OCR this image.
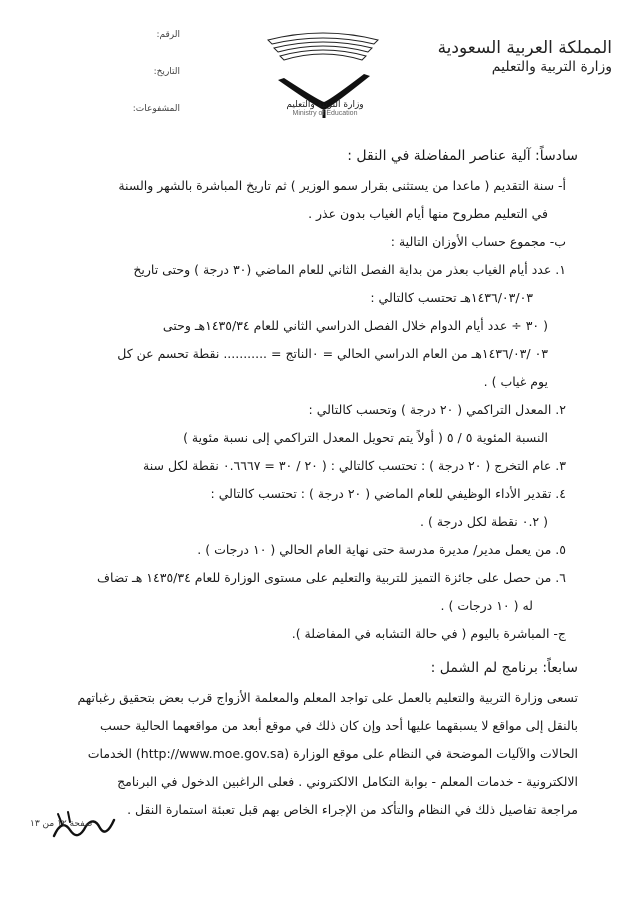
المملكة العربية السعودية
وزارة التربية والتعليم
الرقم:
التاريخ:
المشفوعات:	وزارة التربية والتعليم
Ministry of Education
سادساً: آلية عناصر المفاضلة في النقل :
أ- سنة التقديم ( ماعدا من يستثنى بقرار سمو الوزير ) ثم تاريخ المباشرة بالشهر والسنة
في التعليم مطروح منها أيام الغياب بدون عذر .
ب- مجموع حساب الأوزان التالية :
١. عدد أيام الغياب بعذر من بداية الفصل الثاني للعام الماضي (٣٠ درجة ) وحتى تاريخ
١٤٣٦/٠٣/٠٣هـ تحتسب كالتالي :
( ٣٠ ÷ عدد أيام الدوام خلال الفصل الدراسي الثاني للعام ١٤٣٥/٣٤هـ وحتى
٠٣ /١٤٣٦/٠٣هـ من العام الدراسي الحالي = ٠الناتج = ........... نقطة تحسم عن كل
يوم غياب ) .
٢. المعدل التراكمي ( ٢٠ درجة ) وتحسب كالتالي :
النسبة المئوية ٥ / ٥ ( أولاً يتم تحويل المعدل التراكمي إلى نسبة مئوية )
٣. عام التخرج ( ٢٠ درجة ) : تحتسب كالتالي : ( ٢٠ / ٣٠ = ٠.٦٦٦٧ نقطة لكل سنة
٤. تقدير الأداء الوظيفي للعام الماضي ( ٢٠ درجة ) : تحتسب كالتالي :
( ٠.٢ نقطة لكل درجة ) .
٥. من يعمل مدير/ مديرة مدرسة حتى نهاية العام الحالي ( ١٠ درجات ) .
٦. من حصل على جائزة التميز للتربية والتعليم على مستوى الوزارة للعام ١٤٣٥/٣٤ هـ تضاف
له ( ١٠ درجات ) .
ج- المباشرة باليوم ( في حالة التشابه في المفاضلة ).
سابعاً: برنامج لم الشمل :
تسعى وزارة التربية والتعليم بالعمل على تواجد المعلم والمعلمة الأزواج قرب بعض بتحقيق رغباتهم
بالنقل إلى مواقع لا يسبقهما عليها أحد وإن كان ذلك في موقع أبعد من مواقعهما الحالية حسب
الحالات والآليات الموضحة في النظام على موقع الوزارة (http://www.moe.gov.sa) الخدمات
الالكترونية - خدمات المعلم - بوابة التكامل الالكتروني . فعلى الراغبين الدخول في البرنامج
مراجعة تفاصيل ذلك في النظام والتأكد من الإجراء الخاص بهم قبل تعبئة استمارة النقل .
صفحة ١٢ من ١٣
